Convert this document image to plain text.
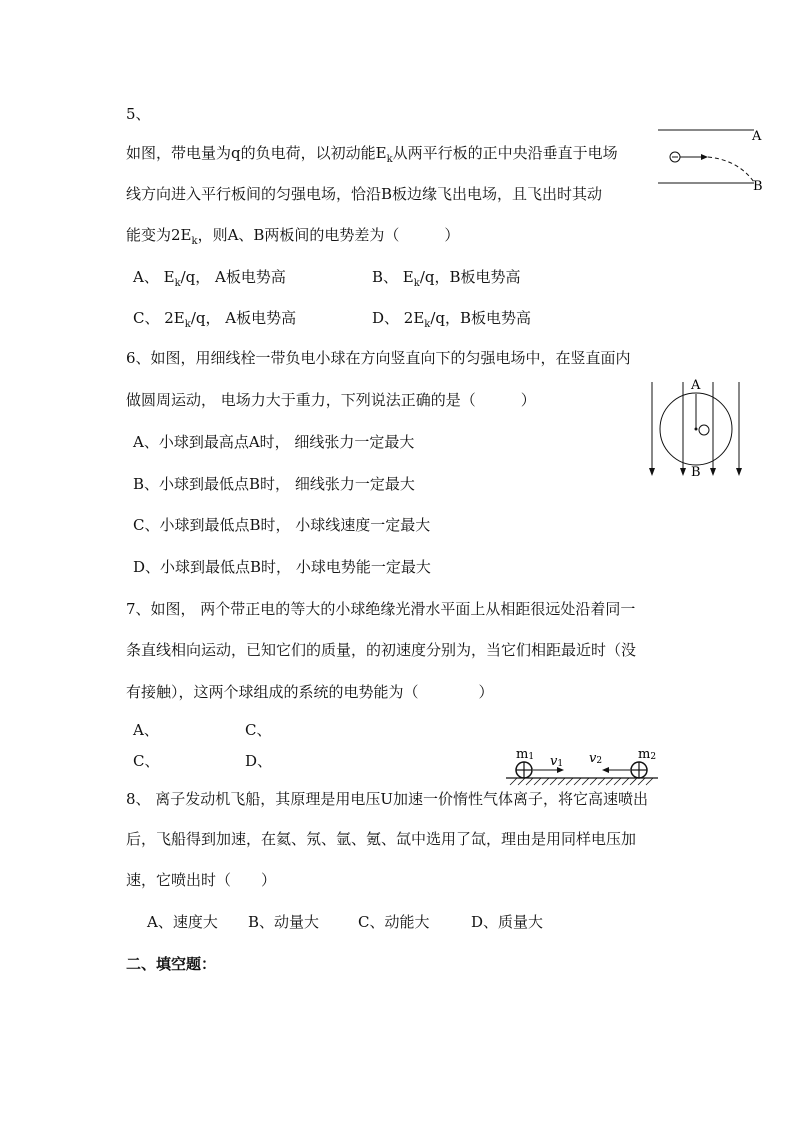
5、
如图，带电量为q的负电荷，以初动能$E_k$从两平行板的正中央沿垂直于电场
线方向进入平行板间的匀强电场，恰沿B板边缘飞出电场，且飞出时其动
能变为$2E_k$，则A、B两板间的电势差为（　　　）
A、 $E_k/q$， A板电势高	B、 $E_k/q$，B板电势高
C、 $2E_k/q$， A板电势高	D、 $2E_k/q$，B板电势高
A
B
6、如图，用细线栓一带负电小球在方向竖直向下的匀强电场中，在竖直面内
做圆周运动， 电场力大于重力，下列说法正确的是（　　　）
A、小球到最高点A时， 细线张力一定最大
B、小球到最低点B时， 细线张力一定最大
C、小球到最低点B时， 小球线速度一定最大
D、小球到最低点B时， 小球电势能一定最大
A
B
7、如图， 两个带正电的等大的小球绝缘光滑水平面上从相距很远处沿着同一
条直线相向运动，已知它们的质量，的初速度分别为，当它们相距最近时（没
有接触），这两个球组成的系统的电势能为（　　　　）
A、	C、
C、	D、	m1 v1 v2	m2
8、 离子发动机飞船，其原理是用电压U加速一价惰性气体离子，将它高速喷出
后，飞船得到加速，在氦、氖、氩、氪、氙中选用了氙，理由是用同样电压加
速，它喷出时（　　）
A、速度大 B、动量大	C、动能大	D、质量大
二、填空题：
